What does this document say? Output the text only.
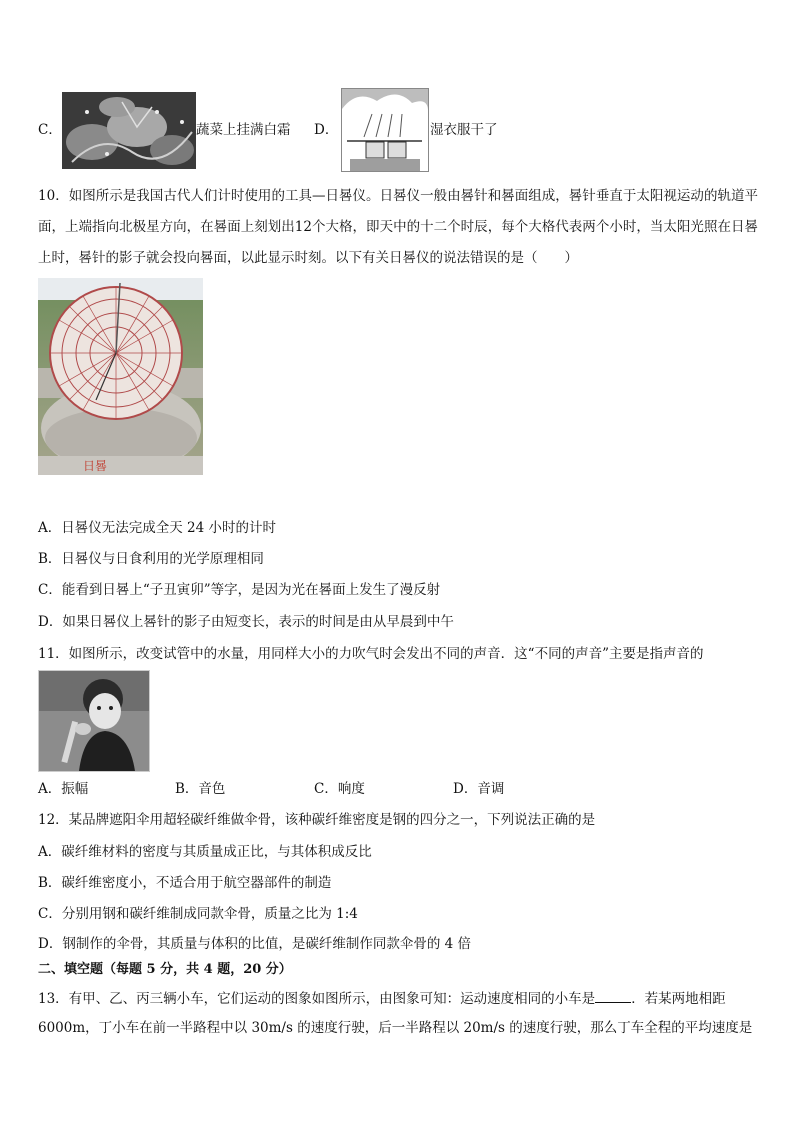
C．	蔬菜上挂满白霜 D．	湿衣服干了
10．如图所示是我国古代人们计时使用的工具—日晷仪。日晷仪一般由晷针和晷面组成，晷针垂直于太阳视运动的轨道平面，上端指向北极星方向，在晷面上刻划出12个大格，即天中的十二个时辰，每个大格代表两个小时，当太阳光照在日晷上时，晷针的影子就会投向晷面，以此显示时刻。以下有关日晷仪的说法错误的是（　　）
日晷
A．日晷仪无法完成全天 24 小时的计时
B．日晷仪与日食利用的光学原理相同
C．能看到日晷上“子丑寅卯”等字，是因为光在晷面上发生了漫反射
D．如果日晷仪上晷针的影子由短变长，表示的时间是由从早晨到中午
11．如图所示，改变试管中的水量，用同样大小的力吹气时会发出不同的声音．这“不同的声音”主要是指声音的
A．振幅	B．音色	C．响度	D．音调
12．某品牌遮阳伞用超轻碳纤维做伞骨，该种碳纤维密度是钢的四分之一，下列说法正确的是
A．碳纤维材料的密度与其质量成正比，与其体积成反比
B．碳纤维密度小，不适合用于航空器部件的制造
C．分别用钢和碳纤维制成同款伞骨，质量之比为 1:4
D．钢制作的伞骨，其质量与体积的比值，是碳纤维制作同款伞骨的 4 倍
二、填空题（每题 5 分，共 4 题，20 分）
13．有甲、乙、丙三辆小车，它们运动的图象如图所示，由图象可知：运动速度相同的小车是	．若某两地相距
6000m，丁小车在前一半路程中以 30m/s 的速度行驶，后一半路程以 20m/s 的速度行驶，那么丁车全程的平均速度是
